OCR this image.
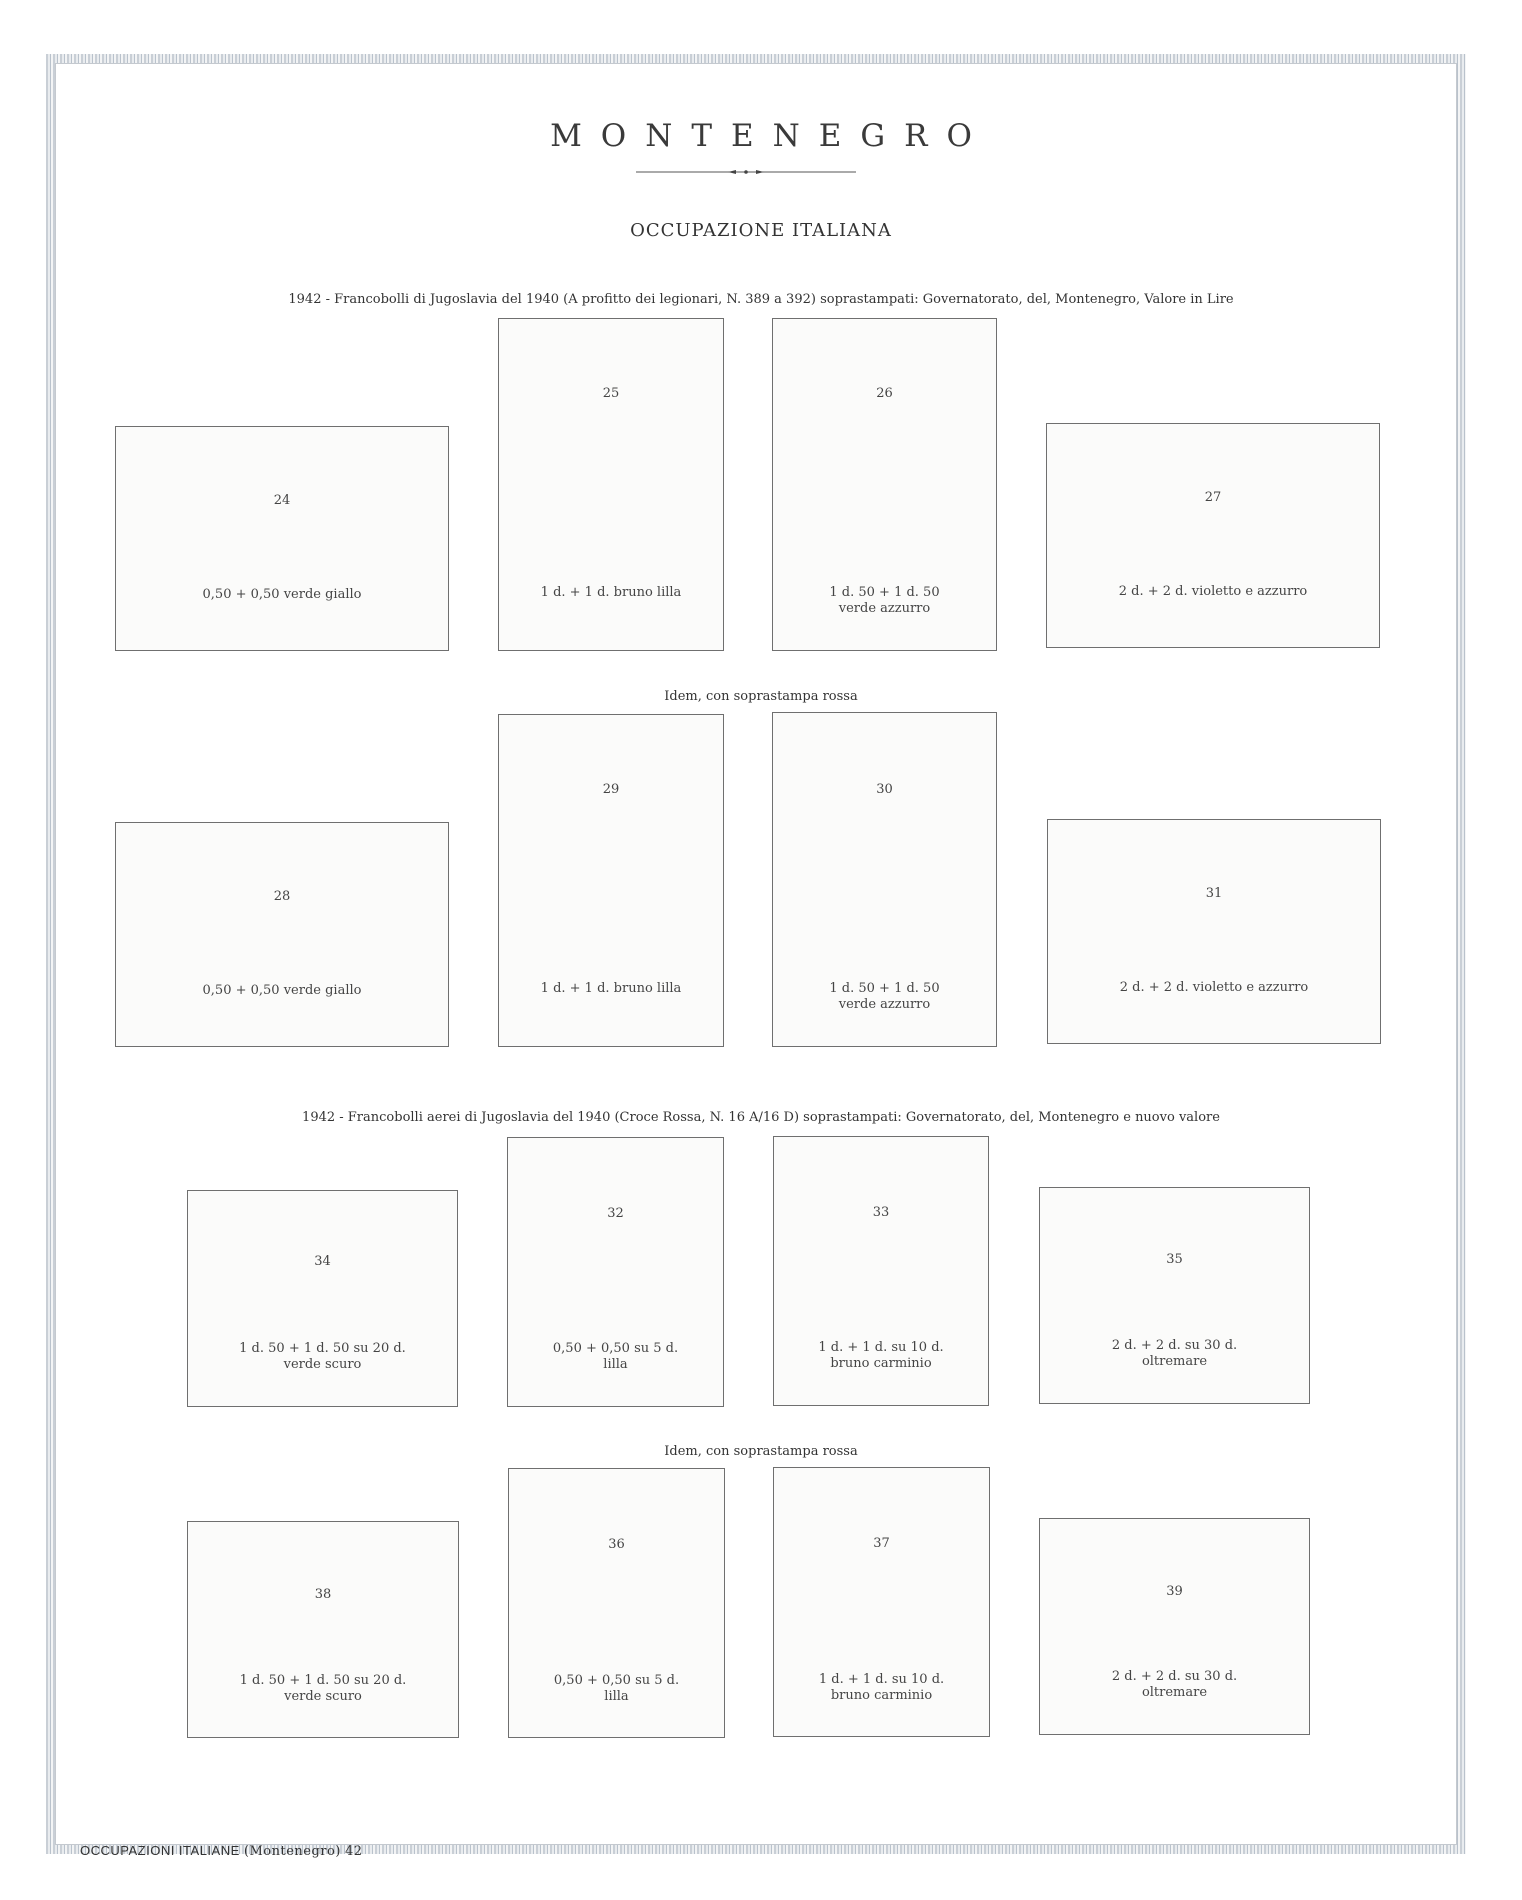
MONTENEGRO
OCCUPAZIONE ITALIANA
1942 - Francobolli di Jugoslavia del 1940 (A profitto dei legionari, N. 389 a 392) soprastampati: Governatorato, del, Montenegro, Valore in Lire
24
0,50 + 0,50 verde giallo
25
1 d. + 1 d. bruno lilla
26
1 d. 50 + 1 d. 50
verde azzurro
27
2 d. + 2 d. violetto e azzurro
Idem, con soprastampa rossa
28
0,50 + 0,50 verde giallo
29
1 d. + 1 d. bruno lilla
30
1 d. 50 + 1 d. 50
verde azzurro
31
2 d. + 2 d. violetto e azzurro
1942 - Francobolli aerei di Jugoslavia del 1940 (Croce Rossa, N. 16 A/16 D) soprastampati: Governatorato, del, Montenegro e nuovo valore
34
1 d. 50 + 1 d. 50 su 20 d.
verde scuro
32
0,50 + 0,50 su 5 d.
lilla
33
1 d. + 1 d. su 10 d.
bruno carminio
35
2 d. + 2 d. su 30 d.
oltremare
Idem, con soprastampa rossa
38
1 d. 50 + 1 d. 50 su 20 d.
verde scuro
36
0,50 + 0,50 su 5 d.
lilla
37
1 d. + 1 d. su 10 d.
bruno carminio
39
2 d. + 2 d. su 30 d.
oltremare
OCCUPAZIONI ITALIANE (Montenegro) 42
